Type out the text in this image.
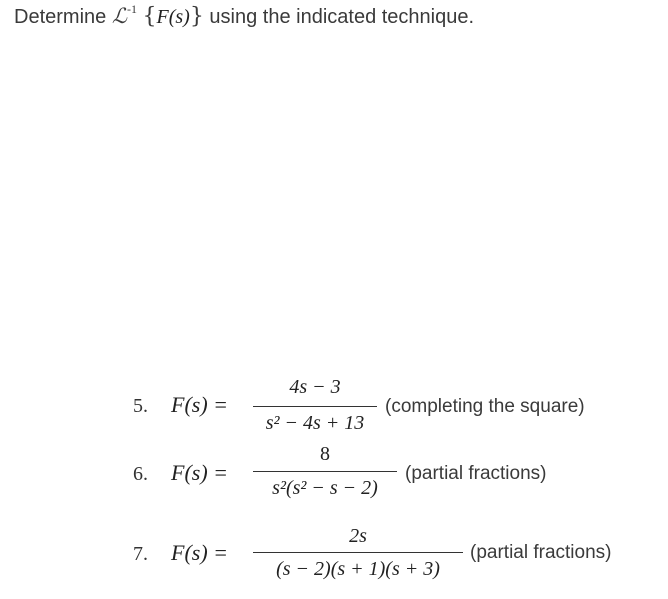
Determine ℒ$^{-1}$ {F(s)} using the indicated technique.
5. F(s) =
4s − 3
s² − 4s + 13
(completing the square)
6. F(s) =
8
s²(s² − s − 2)
(partial fractions)
7. F(s) =
2s
(s − 2)(s + 1)(s + 3)
(partial fractions)
